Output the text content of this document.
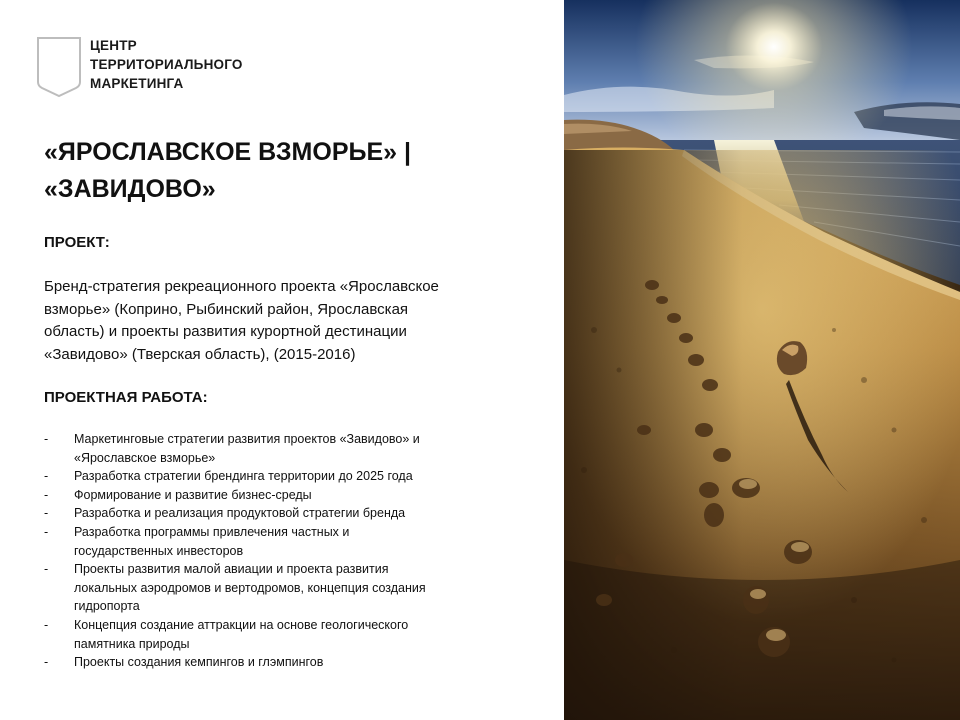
ЦЕНТР
ТЕРРИТОРИАЛЬНОГО
МАРКЕТИНГА
«ЯРОСЛАВСКОЕ ВЗМОРЬЕ» |
«ЗАВИДОВО»
ПРОЕКТ:
Бренд-стратегия рекреационного проекта «Ярославское
взморье» (Коприно, Рыбинский район, Ярославская
область) и проекты развития курортной дестинации
«Завидово» (Тверская область), (2015-2016)
ПРОЕКТНАЯ РАБОТА:
- Маркетинговые стратегии развития проектов «Завидово» и
«Ярославское взморье»
- Разработка стратегии брендинга территории до 2025 года
- Формирование и развитие бизнес-среды
- Разработка и реализация продуктовой стратегии бренда
- Разработка программы привлечения частных и
государственных инвесторов
- Проекты развития малой авиации и проекта развития
локальных аэродромов и вертодромов, концепция создания
гидропорта
- Концепция создание аттракции на основе геологического
памятника природы
- Проекты создания кемпингов и глэмпингов
